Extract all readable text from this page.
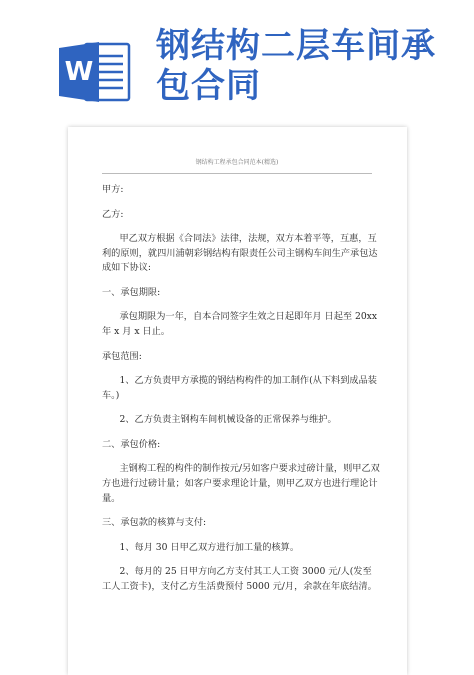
W
钢结构二层车间承包合同
钢结构工程承包合同范本(精选)

甲方:

乙方:

甲乙双方根据《合同法》法律，法规，双方本着平等，互惠，互利的原则，就四川浦朝彩钢结构有限责任公司主钢构车间生产承包达成如下协议:

一、承包期限:

承包期限为一年，自本合同签字生效之日起即年月 日起至 20xx 年 x 月 x 日止。

承包范围:

1、乙方负责甲方承揽的钢结构构件的加工制作(从下料到成品装车。)

2、乙方负责主钢构车间机械设备的正常保养与维护。

二、承包价格:

主钢构工程的构件的制作按元/另如客户要求过磅计量，则甲乙双方也进行过磅计量；如客户要求理论计量，则甲乙双方也进行理论计量。

三、承包款的核算与支付:

1、每月 30 日甲乙双方进行加工量的核算。

2、每月的 25 日甲方向乙方支付其工人工资 3000 元/人(发至工人工资卡)，支付乙方生活费预付 5000 元/月，余款在年底结清。
